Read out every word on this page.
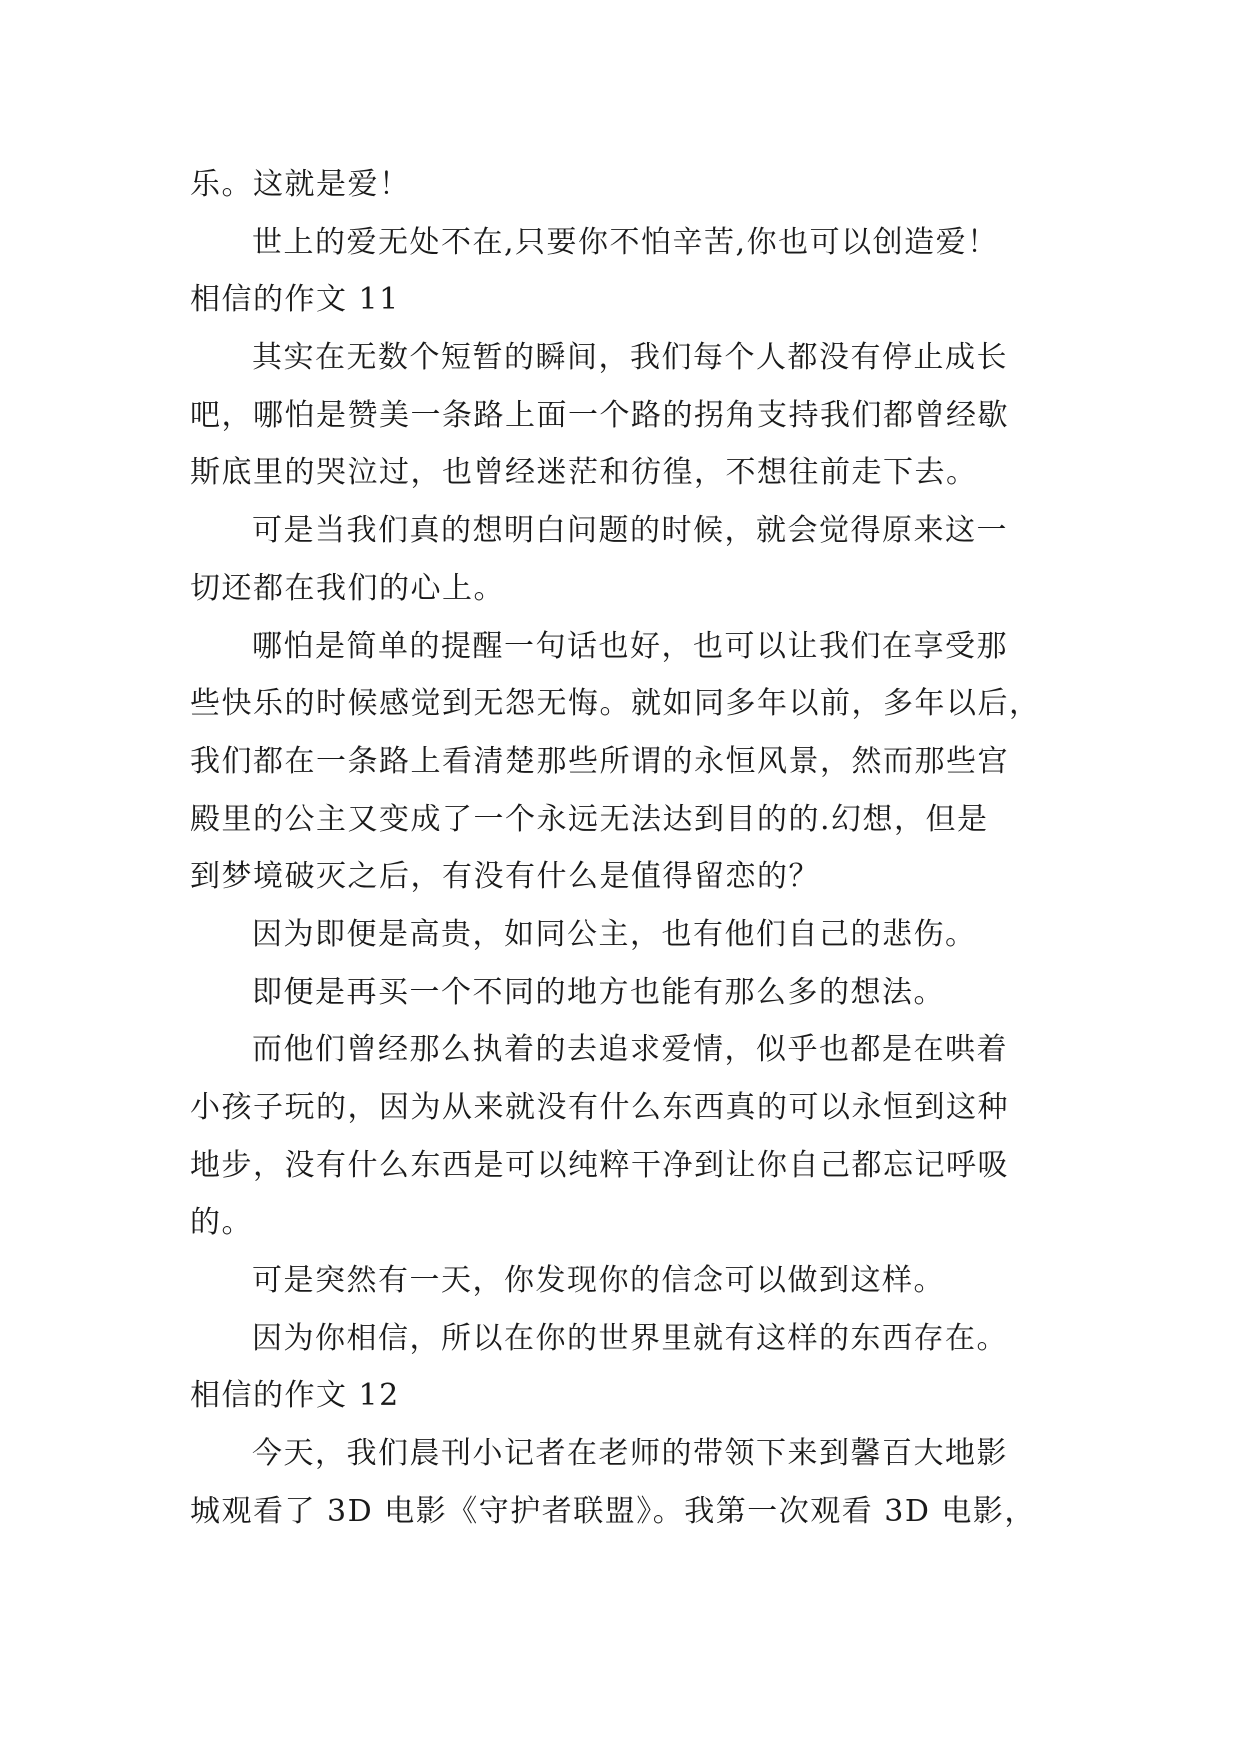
乐。这就是爱！
世上的爱无处不在,只要你不怕辛苦,你也可以创造爱！
相信的作文 11
其实在无数个短暂的瞬间，我们每个人都没有停止成长
吧，哪怕是赞美一条路上面一个路的拐角支持我们都曾经歇
斯底里的哭泣过，也曾经迷茫和彷徨，不想往前走下去。
可是当我们真的想明白问题的时候，就会觉得原来这一
切还都在我们的心上。
哪怕是简单的提醒一句话也好，也可以让我们在享受那
些快乐的时候感觉到无怨无悔。就如同多年以前，多年以后，
我们都在一条路上看清楚那些所谓的永恒风景，然而那些宫
殿里的公主又变成了一个永远无法达到目的的.幻想，但是
到梦境破灭之后，有没有什么是值得留恋的？
因为即便是高贵，如同公主，也有他们自己的悲伤。
即便是再买一个不同的地方也能有那么多的想法。
而他们曾经那么执着的去追求爱情，似乎也都是在哄着
小孩子玩的，因为从来就没有什么东西真的可以永恒到这种
地步，没有什么东西是可以纯粹干净到让你自己都忘记呼吸
的。
可是突然有一天，你发现你的信念可以做到这样。
因为你相信，所以在你的世界里就有这样的东西存在。
相信的作文 12
今天，我们晨刊小记者在老师的带领下来到馨百大地影
城观看了 3D 电影《守护者联盟》。我第一次观看 3D 电影，
